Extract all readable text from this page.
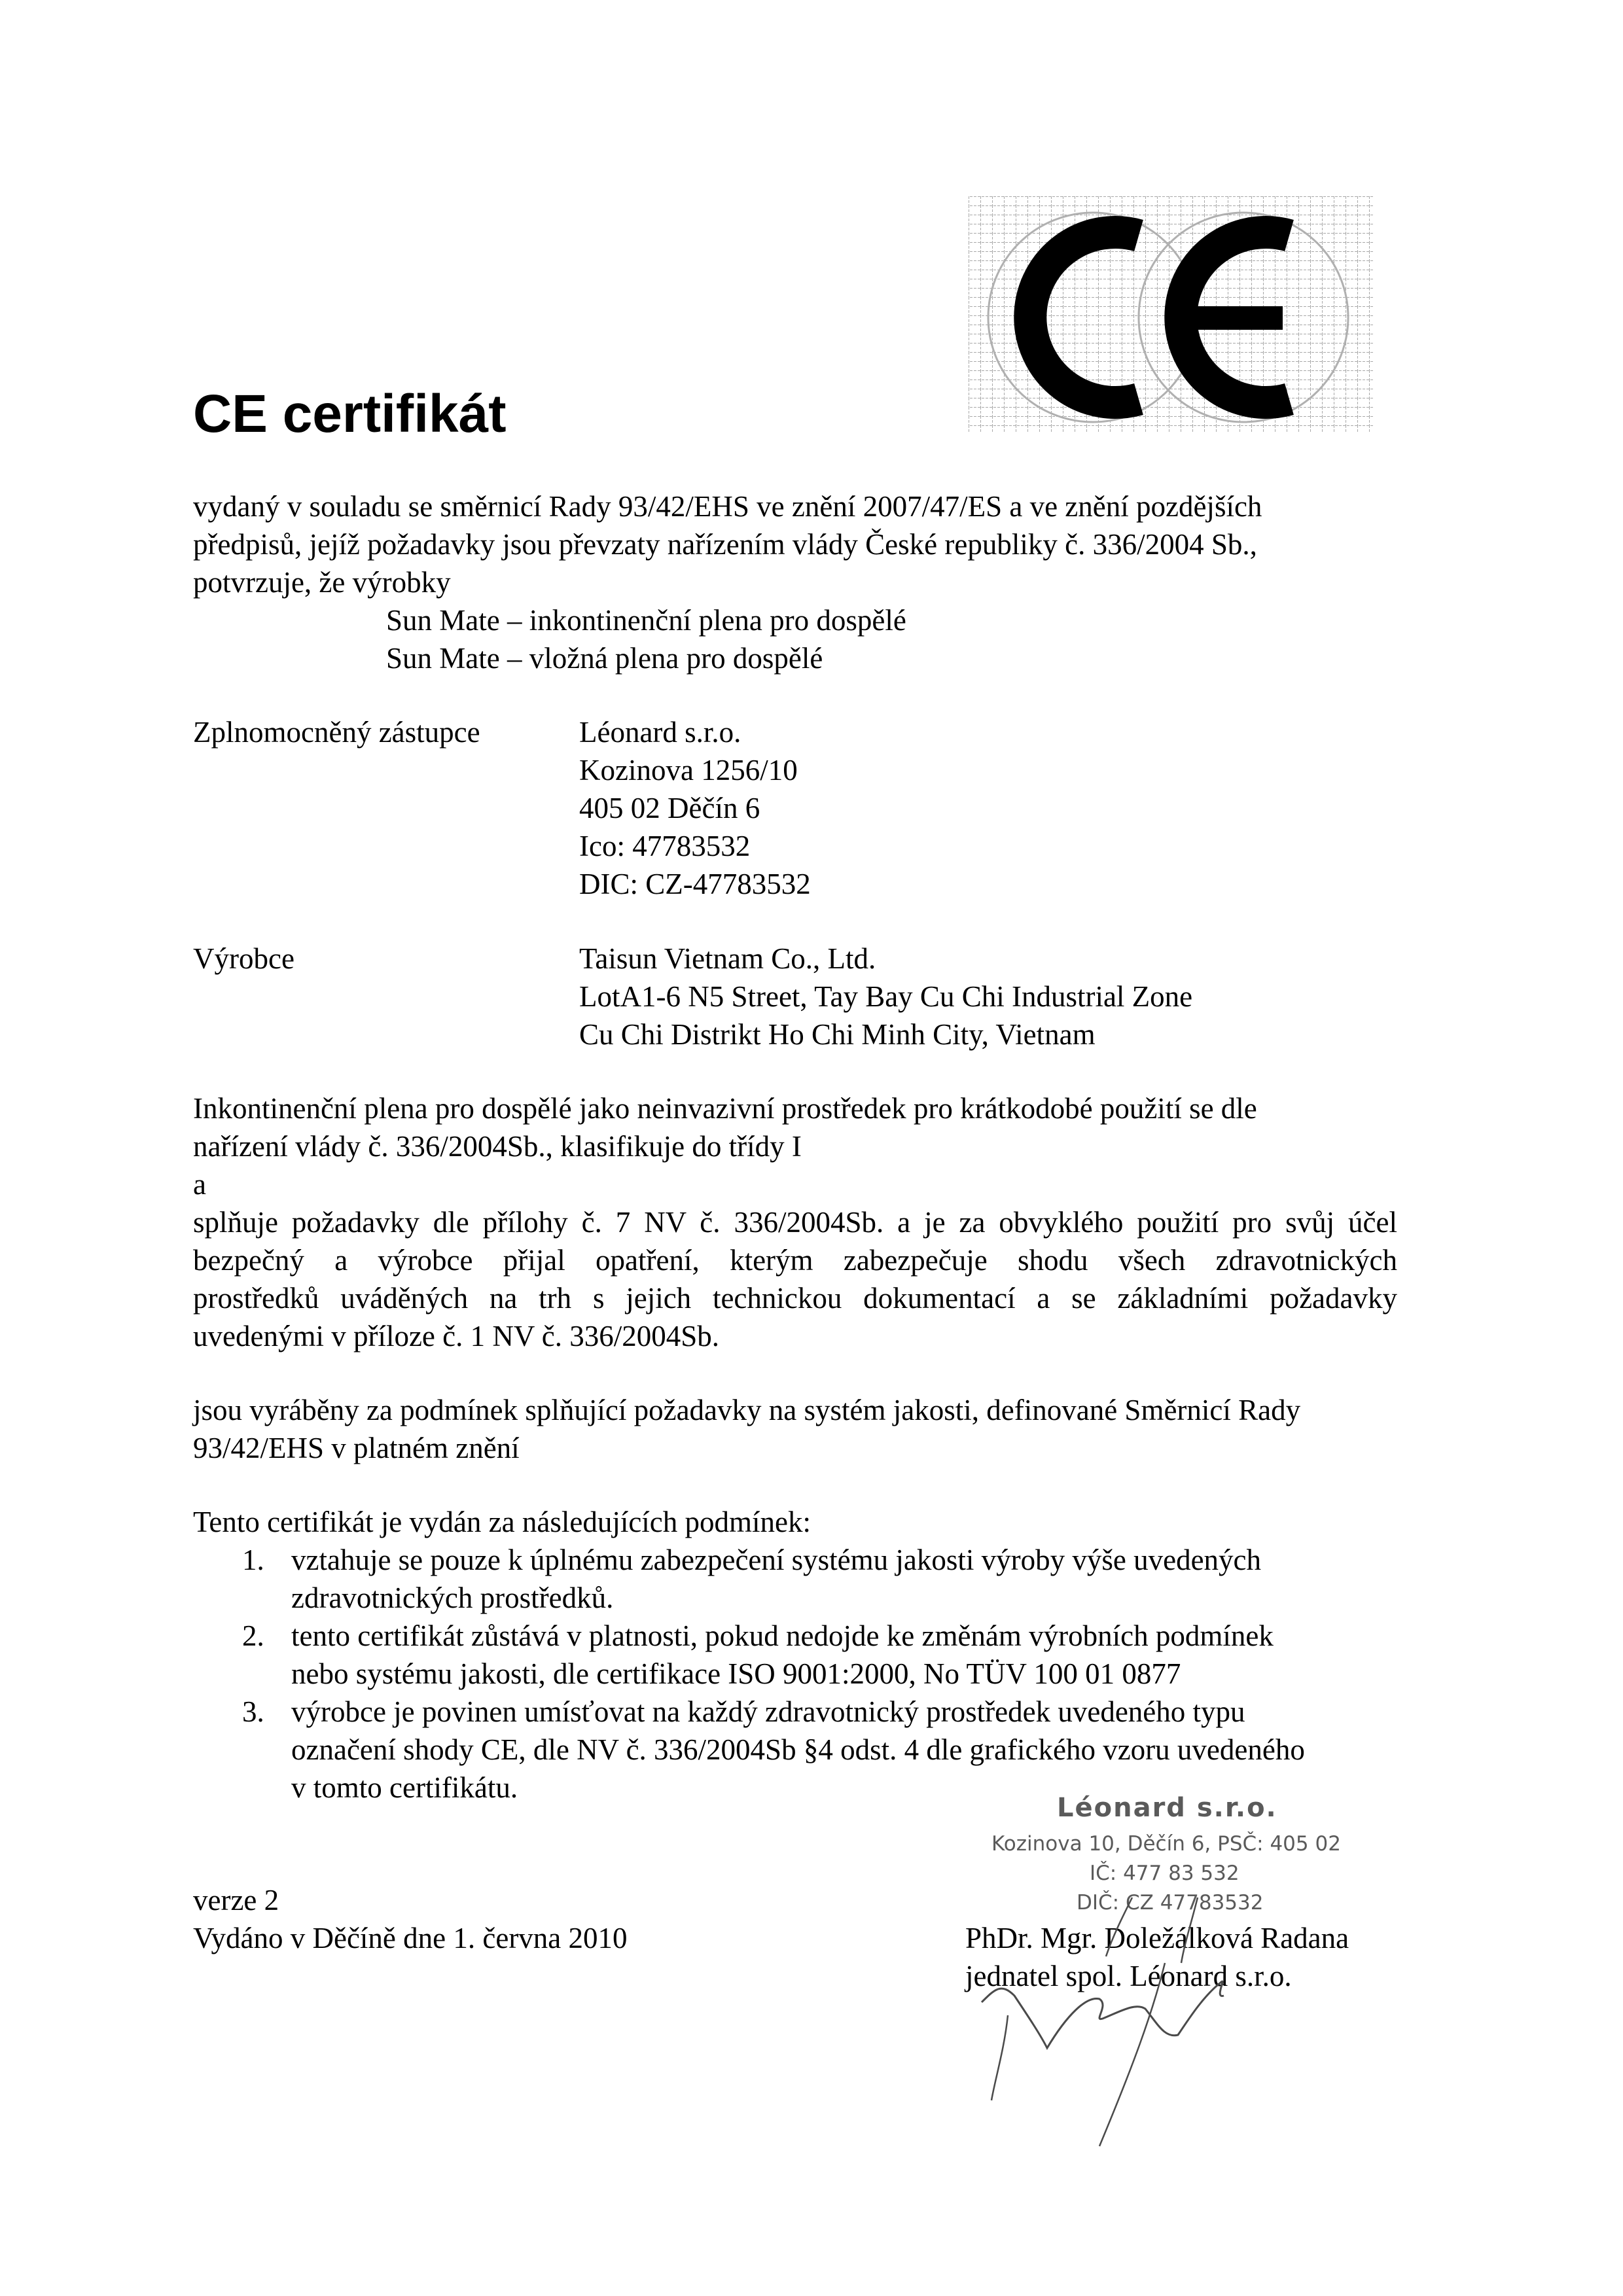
CE certifikát
vydaný v souladu se směrnicí Rady 93/42/EHS ve znění 2007/47/ES a ve znění pozdějších
předpisů, jejíž požadavky jsou převzaty nařízením vlády České republiky č. 336/2004 Sb.,
potvrzuje, že výrobky
Sun Mate – inkontinenční plena pro dospělé
Sun Mate – vložná plena pro dospělé
Zplnomocněný zástupce	Léonard s.r.o.
Kozinova 1256/10
405 02 Děčín 6
Ico: 47783532
DIC: CZ-47783532
Výrobce	Taisun Vietnam Co., Ltd.
LotA1-6 N5 Street, Tay Bay Cu Chi Industrial Zone
Cu Chi Distrikt Ho Chi Minh City, Vietnam
Inkontinenční plena pro dospělé jako neinvazivní prostředek pro krátkodobé použití se dle
nařízení vlády č. 336/2004Sb., klasifikuje do třídy I
a
splňuje požadavky dle přílohy č. 7 NV č. 336/2004Sb. a je za obvyklého použití pro svůj účel
bezpečný a výrobce přijal opatření, kterým zabezpečuje shodu všech zdravotnických
prostředků uváděných na trh s jejich technickou dokumentací a se základními požadavky
uvedenými v příloze č. 1 NV č. 336/2004Sb.
jsou vyráběny za podmínek splňující požadavky na systém jakosti, definované Směrnicí Rady
93/42/EHS v platném znění
Tento certifikát je vydán za následujících podmínek:
1. vztahuje se pouze k úplnému zabezpečení systému jakosti výroby výše uvedených
zdravotnických prostředků.
2. tento certifikát zůstává v platnosti, pokud nedojde ke změnám výrobních podmínek
nebo systému jakosti, dle certifikace ISO 9001:2000, No TÜV 100 01 0877
3. výrobce je povinen umísťovat na každý zdravotnický prostředek uvedeného typu
označení shody CE, dle NV č. 336/2004Sb §4 odst. 4 dle grafického vzoru uvedeného
v tomto certifikátu.
Léonard s.r.o.
Kozinova 10, Děčín 6, PSČ: 405 02
IČ: 477 83 532
DIČ: CZ 47783532
verze 2
Vydáno v Děčíně dne 1. června 2010	PhDr. Mgr. Doležálková Radana
jednatel spol. Léonard s.r.o.
